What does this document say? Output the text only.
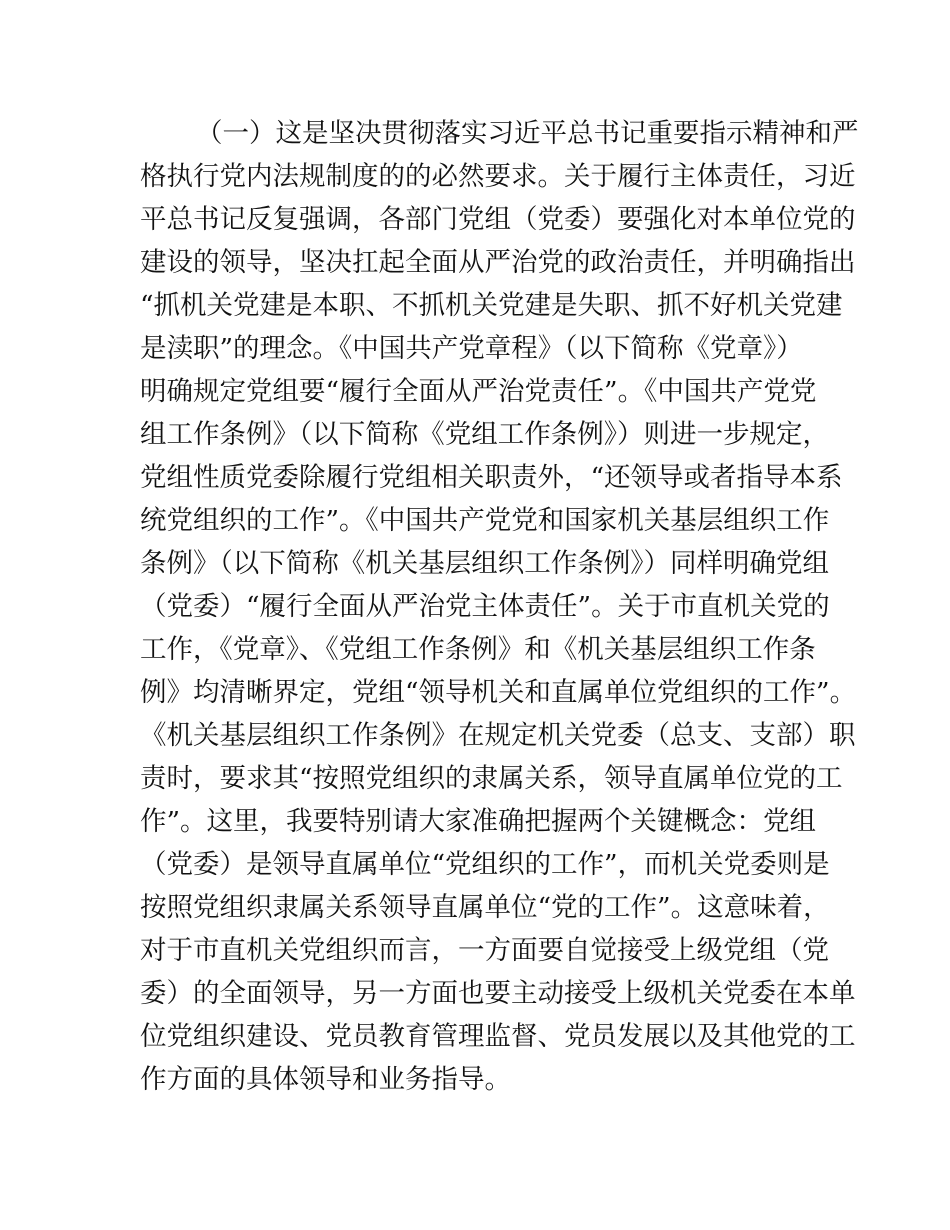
（一）这是坚决贯彻落实习近平总书记重要指示精神和严
格执行党内法规制度的的必然要求。关于履行主体责任，习近
平总书记反复强调，各部门党组（党委）要强化对本单位党的
建设的领导，坚决扛起全面从严治党的政治责任，并明确指出
“抓机关党建是本职、不抓机关党建是失职、抓不好机关党建
是渎职”的理念。《中国共产党章程》（以下简称《党章》）
明确规定党组要“履行全面从严治党责任”。《中国共产党党
组工作条例》（以下简称《党组工作条例》）则进一步规定，
党组性质党委除履行党组相关职责外，“还领导或者指导本系
统党组织的工作”。《中国共产党党和国家机关基层组织工作
条例》（以下简称《机关基层组织工作条例》）同样明确党组
（党委）“履行全面从严治党主体责任”。关于市直机关党的
工作，《党章》、《党组工作条例》和《机关基层组织工作条
例》均清晰界定，党组“领导机关和直属单位党组织的工作”。
《机关基层组织工作条例》在规定机关党委（总支、支部）职
责时，要求其“按照党组织的隶属关系，领导直属单位党的工
作”。这里，我要特别请大家准确把握两个关键概念：党组
（党委）是领导直属单位“党组织的工作”，而机关党委则是
按照党组织隶属关系领导直属单位“党的工作”。这意味着，
对于市直机关党组织而言，一方面要自觉接受上级党组（党
委）的全面领导，另一方面也要主动接受上级机关党委在本单
位党组织建设、党员教育管理监督、党员发展以及其他党的工
作方面的具体领导和业务指导。
